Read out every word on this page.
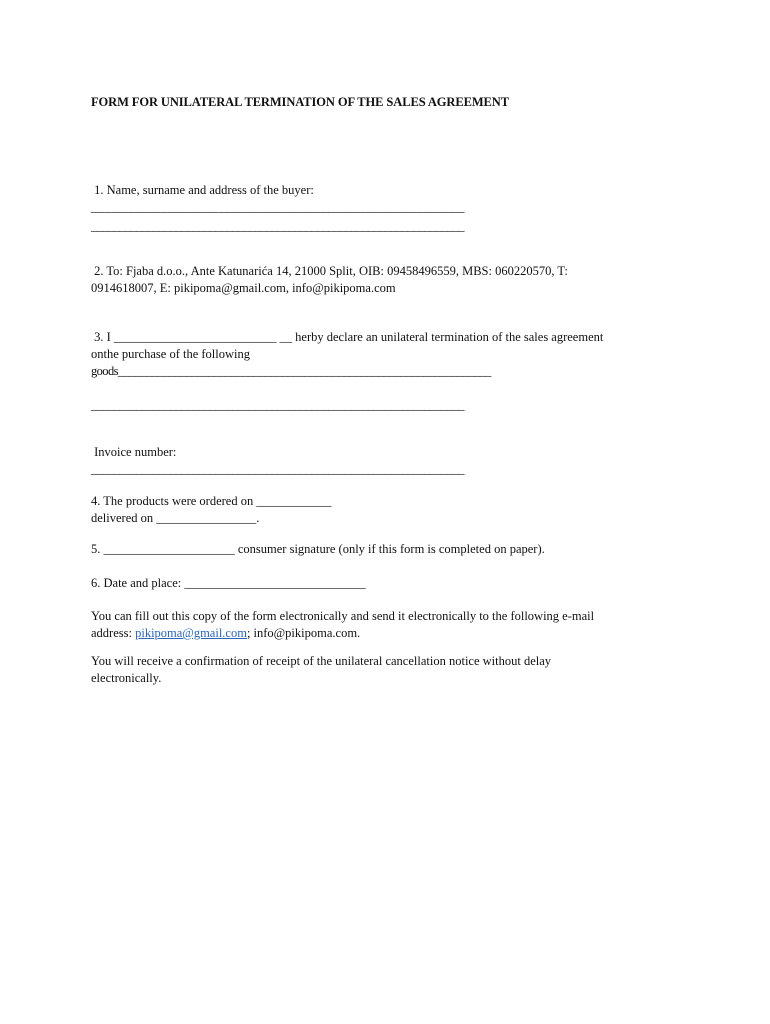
FORM FOR UNILATERAL TERMINATION OF THE SALES AGREEMENT
1. Name, surname and address of the buyer:
__________________________________________________________________
__________________________________________________________________
2. To: Fjaba d.o.o., Ante Katunarića 14, 21000 Split, OIB: 09458496559, MBS: 060220570, T:
0914618007, E: pikipoma@gmail.com, info@pikipoma.com
3. I __________________________ __ herby declare an unilateral termination of the sales agreement
onthe purchase of the following
goods__________________________________________________________________
__________________________________________________________________
Invoice number:
__________________________________________________________________
4. The products were ordered on ____________
delivered on ________________.
5. _____________________ consumer signature (only if this form is completed on paper).
6. Date and place: _____________________________
You can fill out this copy of the form electronically and send it electronically to the following e-mail
address: pikipoma@gmail.com; info@pikipoma.com.
You will receive a confirmation of receipt of the unilateral cancellation notice without delay
electronically.
